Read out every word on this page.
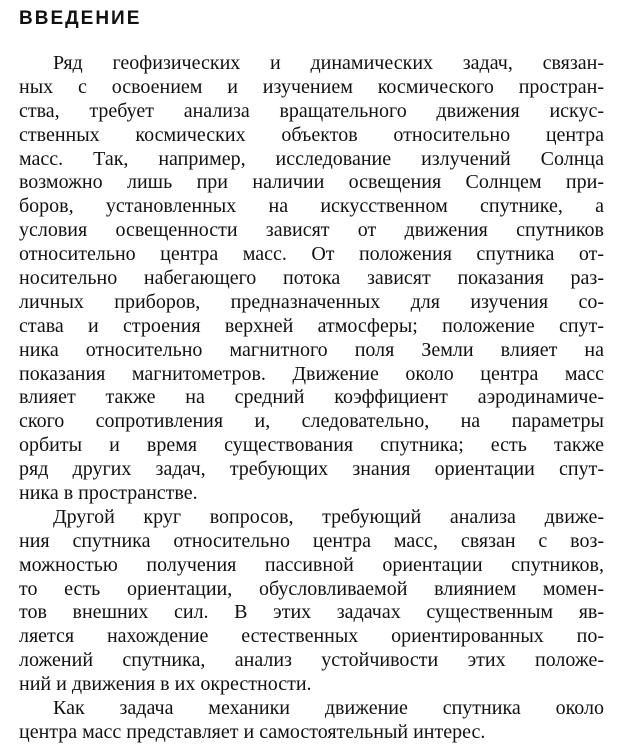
ВВЕДЕНИЕ
Ряд геофизических и динамических задач, связан-
ных с освоением и изучением космического простран-
ства, требует анализа вращательного движения искус-
ственных космических объектов относительно центра
масс. Так, например, исследование излучений Солнца
возможно лишь при наличии освещения Солнцем при-
боров, установленных на искусственном спутнике, а
условия освещенности зависят от движения спутников
относительно центра масс. От положения спутника от-
носительно набегающего потока зависят показания раз-
личных приборов, предназначенных для изучения со-
става и строения верхней атмосферы; положение спут-
ника относительно магнитного поля Земли влияет на
показания магнитометров. Движение около центра масс
влияет также на средний коэффициент аэродинамиче-
ского сопротивления и, следовательно, на параметры
орбиты и время существования спутника; есть также
ряд других задач, требующих знания ориентации спут-
ника в пространстве.
Другой круг вопросов, требующий анализа движе-
ния спутника относительно центра масс, связан с воз-
можностью получения пассивной ориентации спутников,
то есть ориентации, обусловливаемой влиянием момен-
тов внешних сил. В этих задачах существенным яв-
ляется нахождение естественных ориентированных по-
ложений спутника, анализ устойчивости этих положе-
ний и движения в их окрестности.
Как задача механики движение спутника около
центра масс представляет и самостоятельный интерес.
